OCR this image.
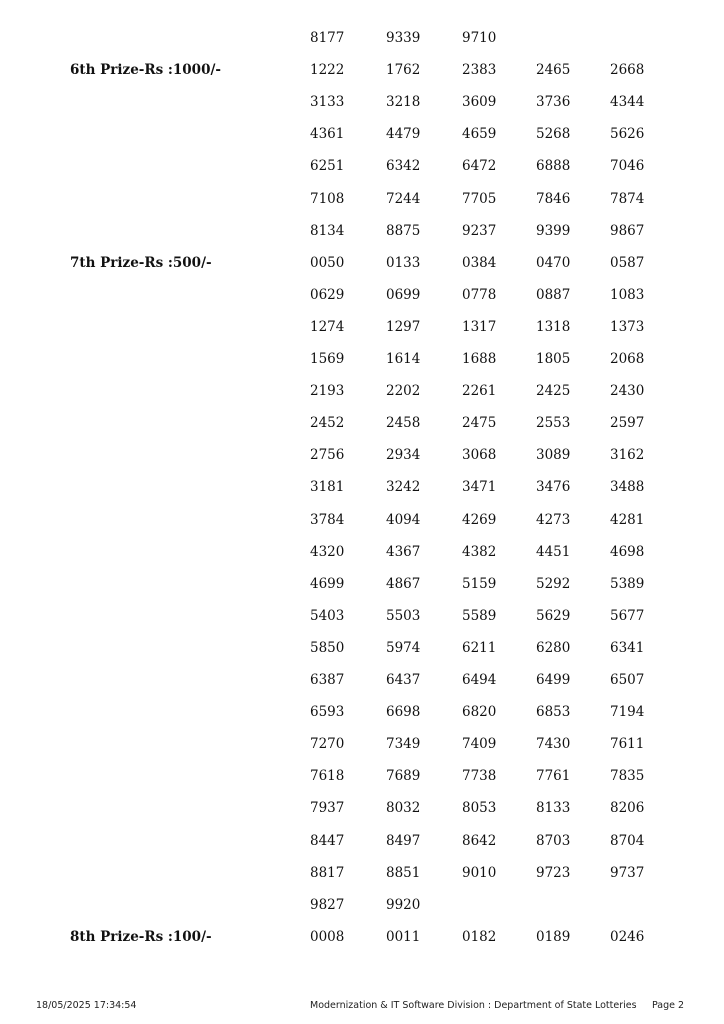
8177	9339	9710
6th Prize-Rs :1000/-	1222	1762	2383	2465	2668
3133	3218	3609	3736	4344
4361	4479	4659	5268	5626
6251	6342	6472	6888	7046
7108	7244	7705	7846	7874
8134	8875	9237	9399	9867
7th Prize-Rs :500/-	0050	0133	0384	0470	0587
0629	0699	0778	0887	1083
1274	1297	1317	1318	1373
1569	1614	1688	1805	2068
2193	2202	2261	2425	2430
2452	2458	2475	2553	2597
2756	2934	3068	3089	3162
3181	3242	3471	3476	3488
3784	4094	4269	4273	4281
4320	4367	4382	4451	4698
4699	4867	5159	5292	5389
5403	5503	5589	5629	5677
5850	5974	6211	6280	6341
6387	6437	6494	6499	6507
6593	6698	6820	6853	7194
7270	7349	7409	7430	7611
7618	7689	7738	7761	7835
7937	8032	8053	8133	8206
8447	8497	8642	8703	8704
8817	8851	9010	9723	9737
9827	9920
8th Prize-Rs :100/-	0008	0011	0182	0189	0246
18/05/2025 17:34:54	Modernization & IT Software Division : Department of State Lotteries Page 2
